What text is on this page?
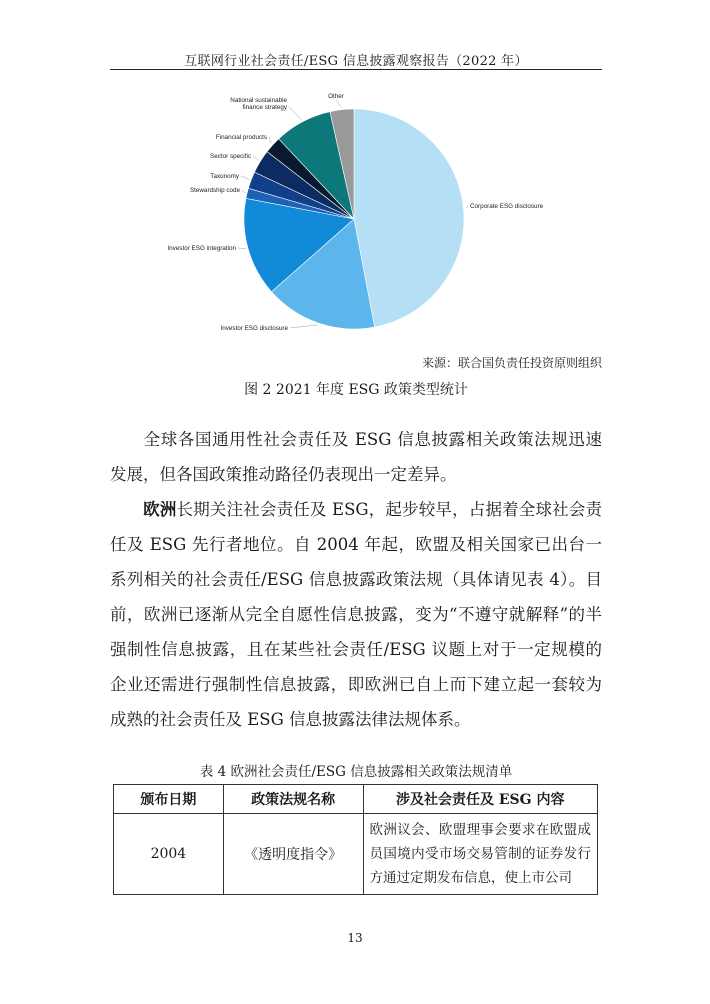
互联网行业社会责任/ESG 信息披露观察报告（2022 年）
Corporate ESG disclosure
Investor ESG disclosure
Investor ESG integration
Stewardship code
Taxonomy
Sector specific
Financial products
National sustainable finance strategy
Other
来源：联合国负责任投资原则组织
图 2 2021 年度 ESG 政策类型统计

全球各国通用性社会责任及 ESG 信息披露相关政策法规迅速发展，但各国政策推动路径仍表现出一定差异。

欧洲长期关注社会责任及 ESG，起步较早，占据着全球社会责任及 ESG 先行者地位。自 2004 年起，欧盟及相关国家已出台一系列相关的社会责任/ESG 信息披露政策法规（具体请见表 4）。目前，欧洲已逐渐从完全自愿性信息披露，变为“不遵守就解释”的半强制性信息披露，且在某些社会责任/ESG 议题上对于一定规模的企业还需进行强制性信息披露，即欧洲已自上而下建立起一套较为成熟的社会责任及 ESG 信息披露法律法规体系。

表 4 欧洲社会责任/ESG 信息披露相关政策法规清单
颁布日期	政策法规名称	涉及社会责任及 ESG 内容
2004	《透明度指令》	欧洲议会、欧盟理事会要求在欧盟成员国境内受市场交易管制的证券发行方通过定期发布信息，使上市公司
13
